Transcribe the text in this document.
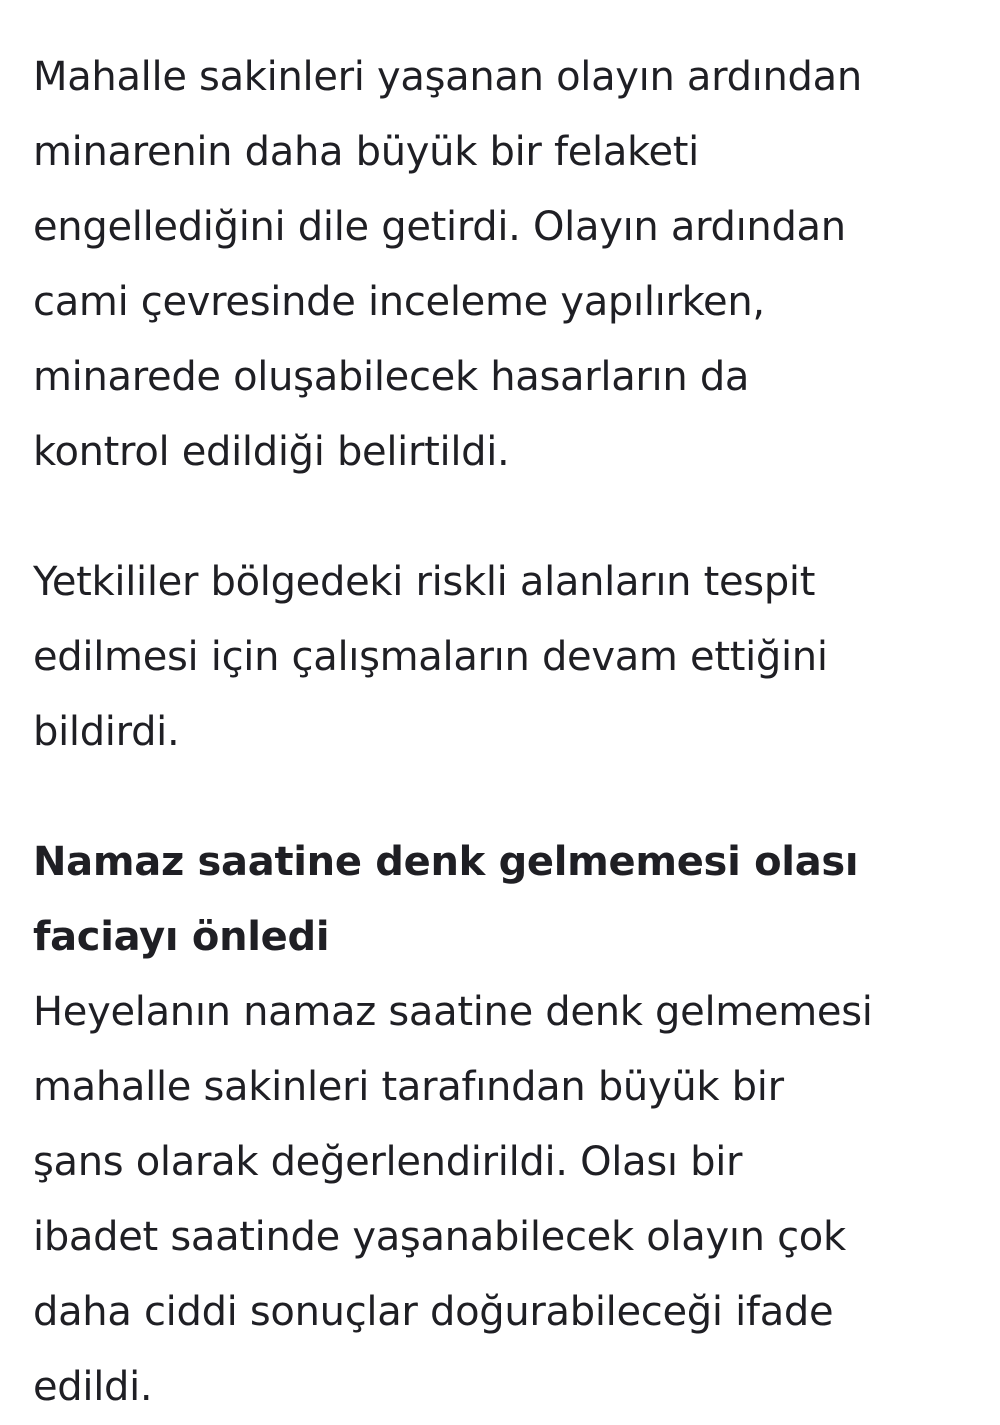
Mahalle sakinleri yaşanan olayın ardından
minarenin daha büyük bir felaketi
engellediğini dile getirdi. Olayın ardından
cami çevresinde inceleme yapılırken,
minarede oluşabilecek hasarların da
kontrol edildiği belirtildi.

Yetkililer bölgedeki riskli alanların tespit
edilmesi için çalışmaların devam ettiğini
bildirdi.

Namaz saatine denk gelmemesi olası
faciayı önledi

Heyelanın namaz saatine denk gelmemesi
mahalle sakinleri tarafından büyük bir
şans olarak değerlendirildi. Olası bir
ibadet saatinde yaşanabilecek olayın çok
daha ciddi sonuçlar doğurabileceği ifade
edildi.
